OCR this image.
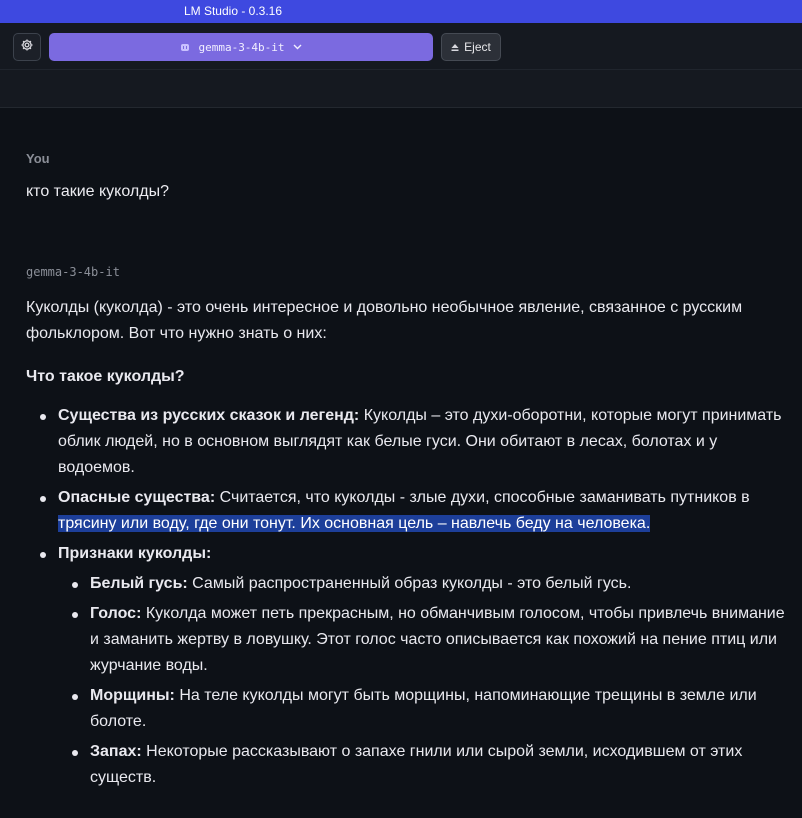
LM Studio - 0.3.16
gemma-3-4b-it	Eject
You
кто такие куколды?
gemma-3-4b-it

Куколды (куколда) - это очень интересное и довольно необычное явление, связанное с русским фольклором. Вот что нужно знать о них:

Что такое куколды?
Существа из русских сказок и легенд: Куколды – это духи-оборотни, которые могут принимать облик людей, но в основном выглядят как белые гуси. Они обитают в лесах, болотах и у водоемов.
Опасные существа: Считается, что куколды - злые духи, способные заманивать путников в трясину или воду, где они тонут. Их основная цель – навлечь беду на человека.
Признаки куколды:
Белый гусь: Самый распространенный образ куколды - это белый гусь.
Голос: Куколда может петь прекрасным, но обманчивым голосом, чтобы привлечь внимание и заманить жертву в ловушку. Этот голос часто описывается как похожий на пение птиц или журчание воды.
Морщины: На теле куколды могут быть морщины, напоминающие трещины в земле или болоте.
Запах: Некоторые рассказывают о запахе гнили или сырой земли, исходившем от этих существ.
